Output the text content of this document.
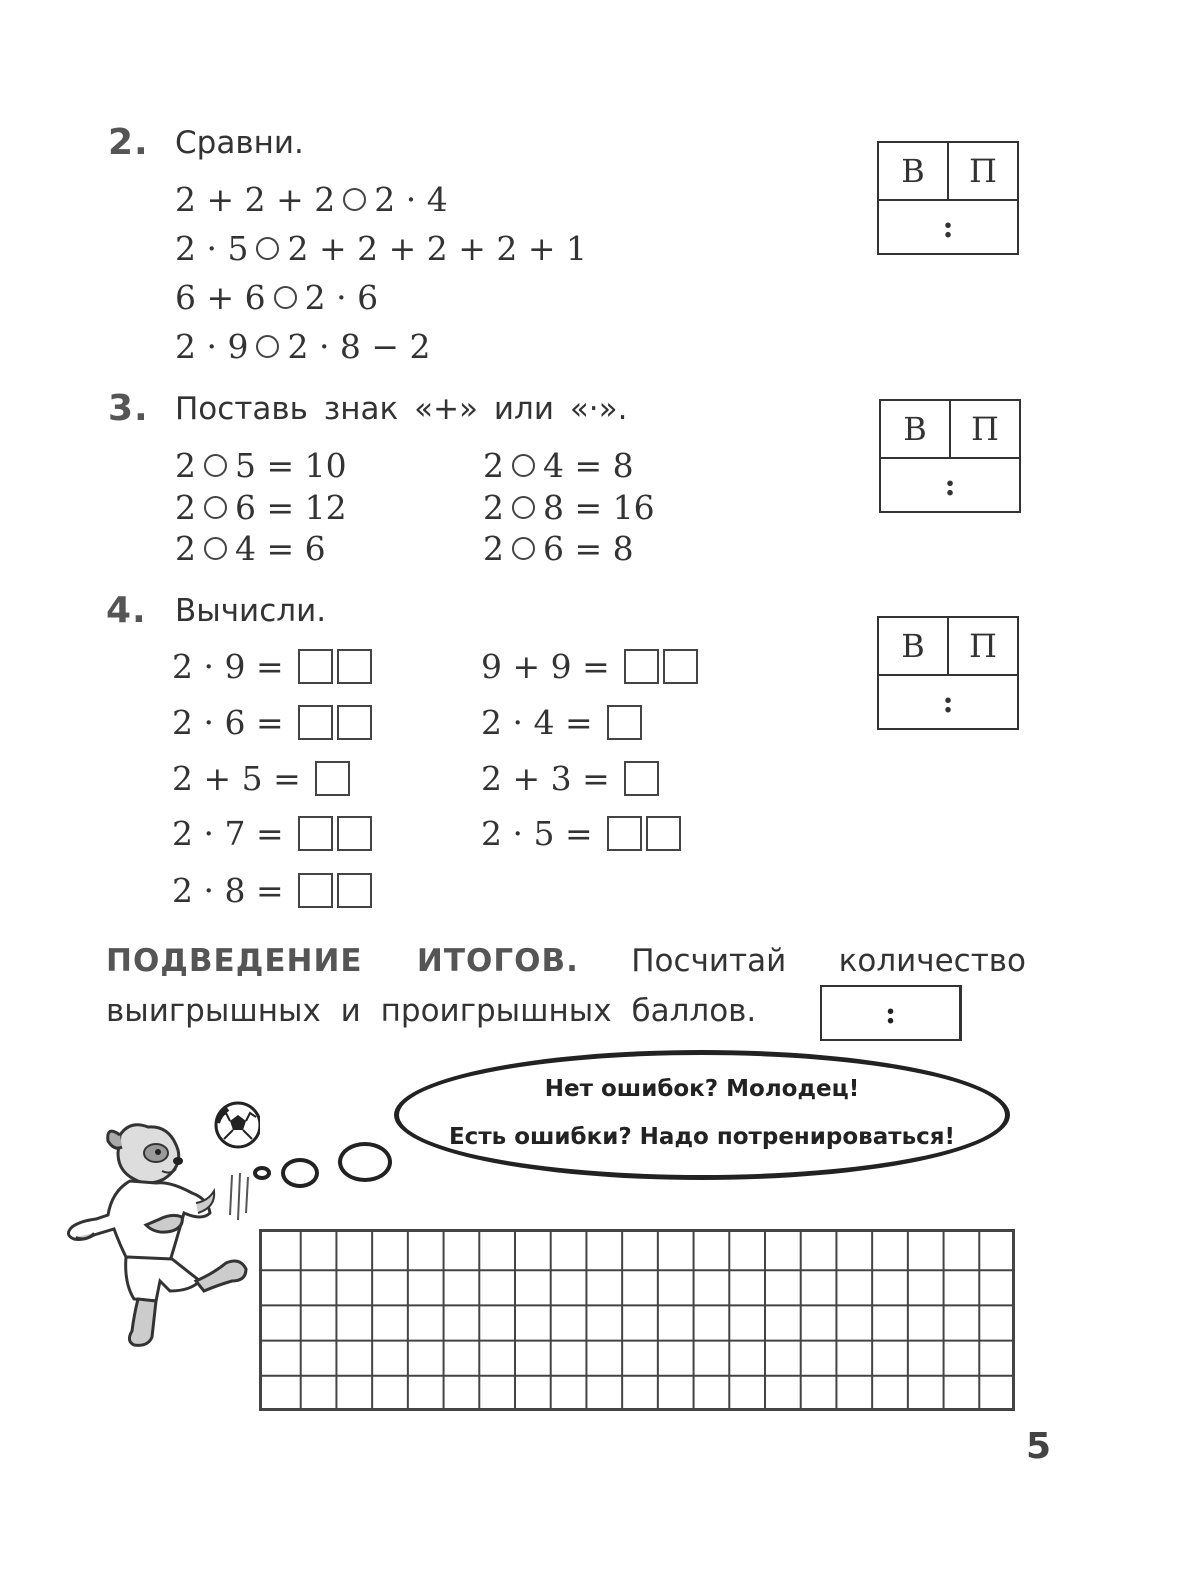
2. Сравни.
2 + 2 + 2 2 · 4
2 · 5 2 + 2 + 2 + 2 + 1
6 + 6 2 · 6
2 · 9 2 · 8 − 2
В	П
:
3. Поставь знак «+» или «·».
2 5 = 10
2 6 = 12
2 4 = 6
2 4 = 8
2 8 = 16
2 6 = 8
В	П
:
4. Вычисли.
2 · 9 =
2 · 6 =
2 + 5 =
2 · 7 =
2 · 8 =
9 + 9 =
2 · 4 =
2 + 3 =
2 · 5 =
В	П
:
ПОДВЕДЕНИЕ ИТОГОВ. Посчитай количество выигрышных и проигрышных баллов.	:
Нет ошибок? Молодец!
Есть ошибки? Надо потренироваться!
5
